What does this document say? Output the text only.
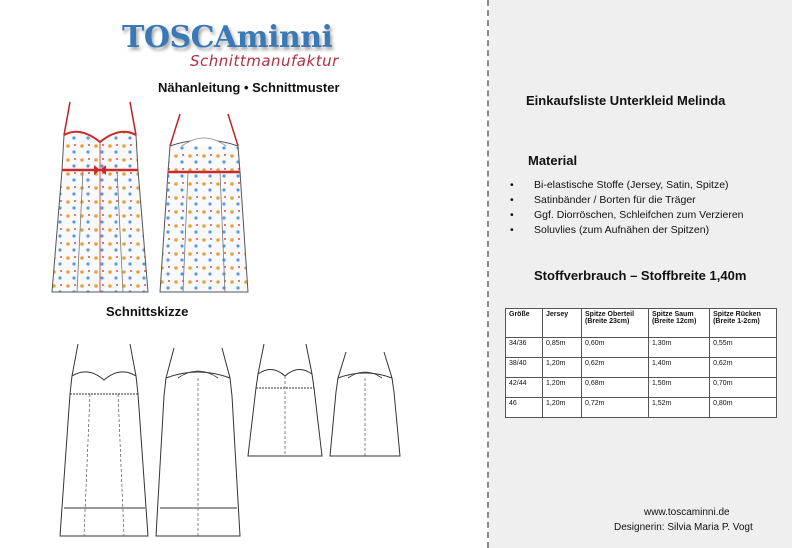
TOSCAminni
Schnittmanufaktur
Nähanleitung • Schnittmuster
Schnittskizze
Einkaufsliste Unterkleid Melinda
Material
• Bi-elastische Stoffe (Jersey, Satin, Spitze)
• Satinbänder / Borten für die Träger
• Ggf. Diorröschen, Schleifchen zum Verzieren
• Soluvlies (zum Aufnähen der Spitzen)
Stoffverbrauch – Stoffbreite 1,40m
Größe	Jersey	Spitze Oberteil (Breite 23cm)	Spitze Saum (Breite 12cm)	Spitze Rücken (Breite 1-2cm)
34/36	0,85m	0,60m	1,30m	0,55m
38/40	1,20m	0,62m	1,40m	0,62m
42/44	1,20m	0,68m	1,50m	0,70m
46	1,20m	0,72m	1,52m	0,80m
www.toscaminni.de
Designerin: Silvia Maria P. Vogt
